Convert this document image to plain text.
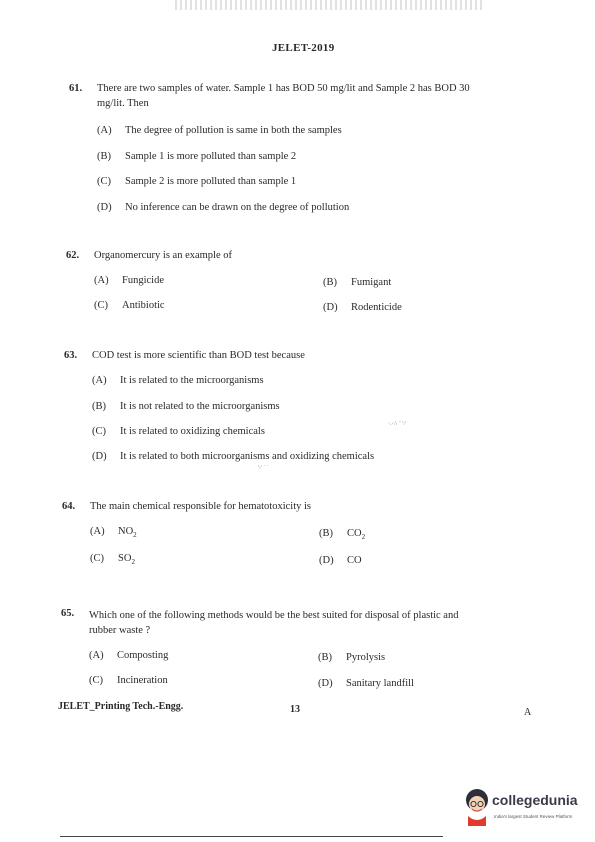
JELET-2019
61. There are two samples of water. Sample 1 has BOD 50 mg/lit and Sample 2 has BOD 30
mg/lit. Then
(A) The degree of pollution is same in both the samples
(B) Sample 1 is more polluted than sample 2
(C) Sample 2 is more polluted than sample 1
(D) No inference can be drawn on the degree of pollution
62. Organomercury is an example of
(A) Fungicide	(B) Fumigant
(C) Antibiotic	(D) Rodenticide
63. COD test is more scientific than BOD test because
(A) It is related to the microorganisms
(B) It is not related to the microorganisms
(C) It is related to oxidizing chemicals
(D) It is related to both microorganisms and oxidizing chemicals
·.·∴ ¨ ∵
∵ ˙ ˙
64. The main chemical responsible for hematotoxicity is
(A) $NO_2$	(B) $CO_2$
(C) $SO_2$	(D) CO
65. Which one of the following methods would be the best suited for disposal of plastic and
rubber waste ?
(A) Composting	(B) Pyrolysis
(C) Incineration	(D) Sanitary landfill
JELET_Printing Tech.-Engg.	13	A
collegedunia
India's largest Student Review Platform
